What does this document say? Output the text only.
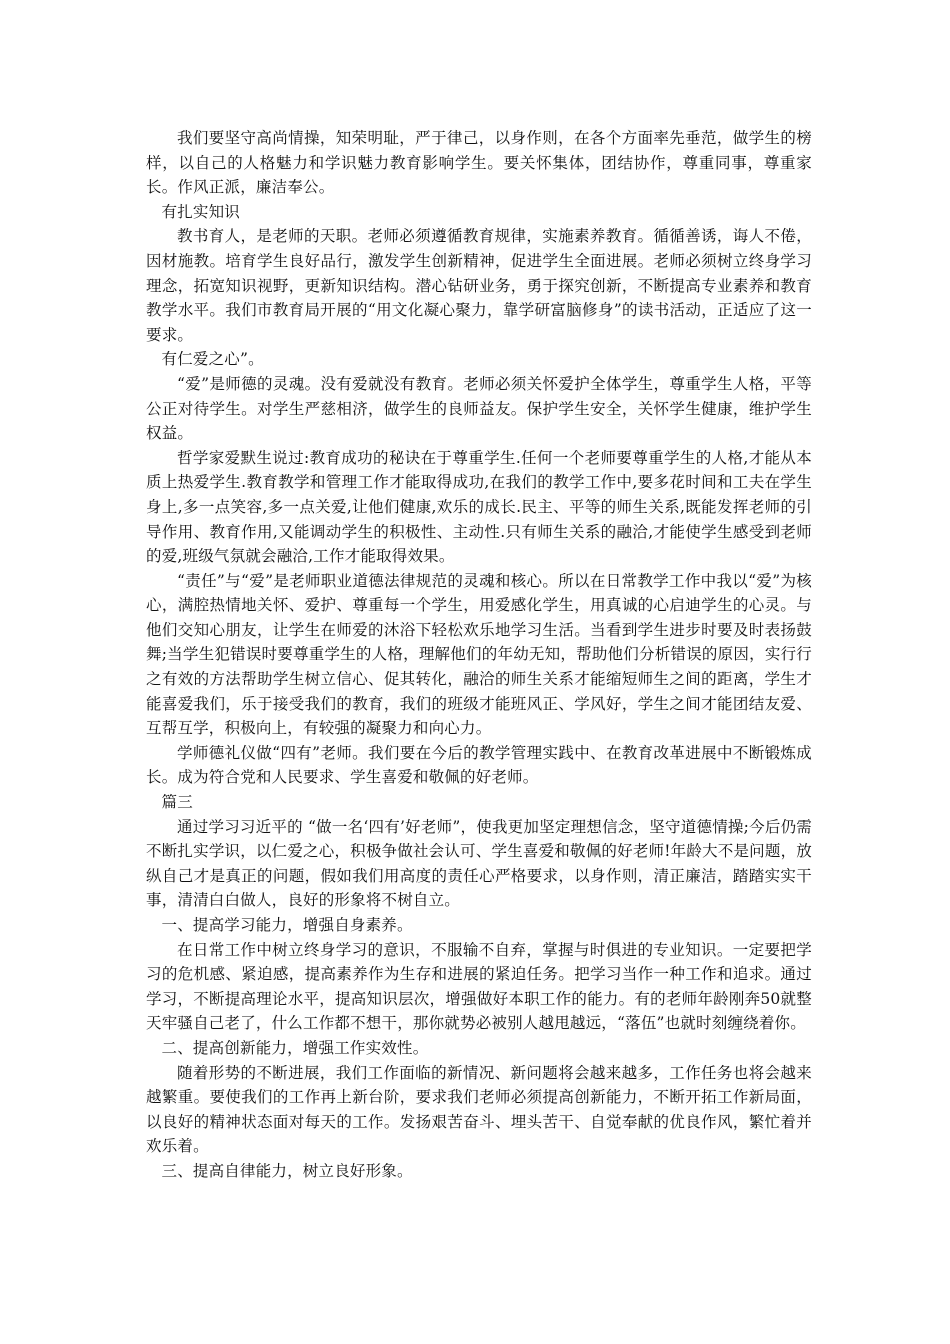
我们要坚守高尚情操，知荣明耻，严于律己，以身作则，在各个方面率先垂范，做学生的榜样，以自己的人格魅力和学识魅力教育影响学生。要关怀集体，团结协作，尊重同事，尊重家长。作风正派，廉洁奉公。

有扎实知识

教书育人，是老师的天职。老师必须遵循教育规律，实施素养教育。循循善诱，诲人不倦，因材施教。培育学生良好品行，激发学生创新精神，促进学生全面进展。老师必须树立终身学习理念，拓宽知识视野，更新知识结构。潜心钻研业务，勇于探究创新，不断提高专业素养和教育教学水平。我们市教育局开展的“用文化凝心聚力，靠学研富脑修身”的读书活动，正适应了这一要求。

有仁爱之心”。

“爱”是师德的灵魂。没有爱就没有教育。老师必须关怀爱护全体学生，尊重学生人格，平等公正对待学生。对学生严慈相济，做学生的良师益友。保护学生安全，关怀学生健康，维护学生权益。

哲学家爱默生说过:教育成功的秘诀在于尊重学生.任何一个老师要尊重学生的人格,才能从本质上热爱学生.教育教学和管理工作才能取得成功,在我们的教学工作中,要多花时间和工夫在学生身上,多一点笑容,多一点关爱,让他们健康,欢乐的成长.民主、平等的师生关系,既能发挥老师的引导作用、教育作用,又能调动学生的积极性、主动性.只有师生关系的融洽,才能使学生感受到老师的爱,班级气氛就会融洽,工作才能取得效果。

“责任”与“爱”是老师职业道德法律规范的灵魂和核心。所以在日常教学工作中我以“爱”为核心，满腔热情地关怀、爱护、尊重每一个学生，用爱感化学生，用真诚的心启迪学生的心灵。与他们交知心朋友，让学生在师爱的沐浴下轻松欢乐地学习生活。当看到学生进步时要及时表扬鼓舞;当学生犯错误时要尊重学生的人格，理解他们的年幼无知，帮助他们分析错误的原因，实行行之有效的方法帮助学生树立信心、促其转化，融洽的师生关系才能缩短师生之间的距离，学生才能喜爱我们，乐于接受我们的教育，我们的班级才能班风正、学风好，学生之间才能团结友爱、互帮互学，积极向上，有较强的凝聚力和向心力。

学师德礼仪做“四有”老师。我们要在今后的教学管理实践中、在教育改革进展中不断锻炼成长。成为符合党和人民要求、学生喜爱和敬佩的好老师。

篇三

通过学习习近平的 “做一名‘四有’好老师”，使我更加坚定理想信念，坚守道德情操;今后仍需不断扎实学识，以仁爱之心，积极争做社会认可、学生喜爱和敬佩的好老师!年龄大不是问题，放纵自己才是真正的问题，假如我们用高度的责任心严格要求，以身作则，清正廉洁，踏踏实实干事，清清白白做人，良好的形象将不树自立。

一、提高学习能力，增强自身素养。

在日常工作中树立终身学习的意识，不服输不自弃，掌握与时俱进的专业知识。一定要把学习的危机感、紧迫感，提高素养作为生存和进展的紧迫任务。把学习当作一种工作和追求。通过学习，不断提高理论水平，提高知识层次，增强做好本职工作的能力。有的老师年龄刚奔50就整天牢骚自己老了，什么工作都不想干，那你就势必被别人越甩越远，“落伍”也就时刻缠绕着你。

二、提高创新能力，增强工作实效性。

随着形势的不断进展，我们工作面临的新情况、新问题将会越来越多，工作任务也将会越来越繁重。要使我们的工作再上新台阶，要求我们老师必须提高创新能力，不断开拓工作新局面，以良好的精神状态面对每天的工作。发扬艰苦奋斗、埋头苦干、自觉奉献的优良作风，繁忙着并欢乐着。

三、提高自律能力，树立良好形象。
